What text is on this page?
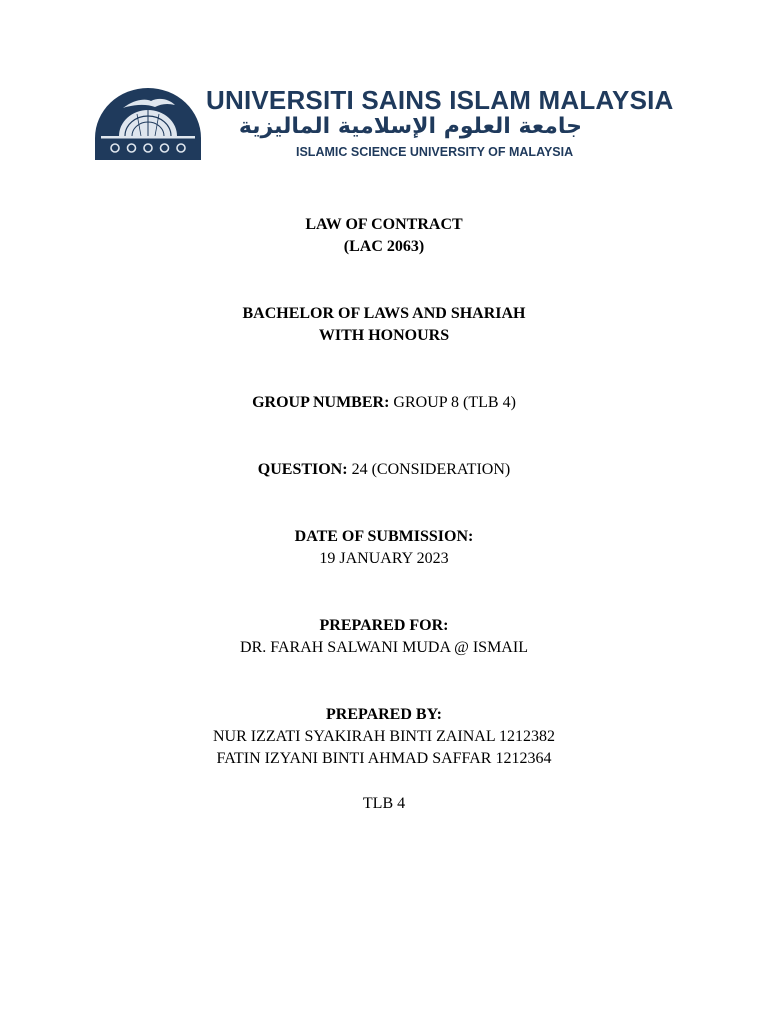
UNIVERSITI SAINS ISLAM MALAYSIA
جامعة العلوم الإسلامية الماليزية
ISLAMIC SCIENCE UNIVERSITY OF MALAYSIA
LAW OF CONTRACT
(LAC 2063)
BACHELOR OF LAWS AND SHARIAH
WITH HONOURS
GROUP NUMBER: GROUP 8 (TLB 4)
QUESTION: 24 (CONSIDERATION)
DATE OF SUBMISSION:
19 JANUARY 2023
PREPARED FOR:
DR. FARAH SALWANI MUDA @ ISMAIL
PREPARED BY:
NUR IZZATI SYAKIRAH BINTI ZAINAL 1212382
FATIN IZYANI BINTI AHMAD SAFFAR 1212364
TLB 4
